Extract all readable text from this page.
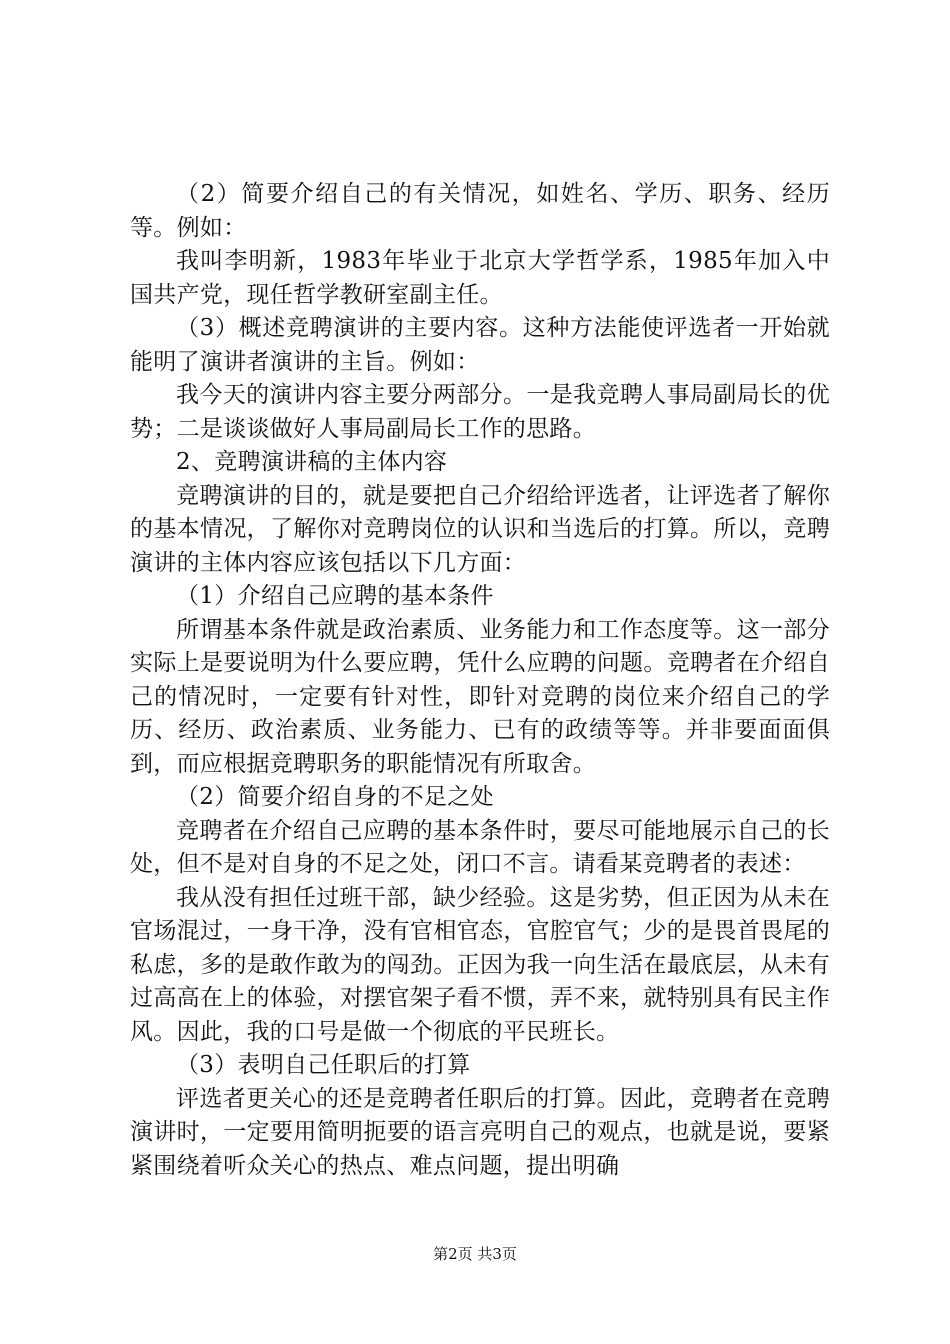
（2）简要介绍自己的有关情况，如姓名、学历、职务、经历等。例如：

我叫李明新，1983年毕业于北京大学哲学系，1985年加入中国共产党，现任哲学教研室副主任。

（3）概述竞聘演讲的主要内容。这种方法能使评选者一开始就能明了演讲者演讲的主旨。例如：

我今天的演讲内容主要分两部分。一是我竞聘人事局副局长的优势；二是谈谈做好人事局副局长工作的思路。

2、竞聘演讲稿的主体内容

竞聘演讲的目的，就是要把自己介绍给评选者，让评选者了解你的基本情况，了解你对竞聘岗位的认识和当选后的打算。所以，竞聘演讲的主体内容应该包括以下几方面：

（1）介绍自己应聘的基本条件

所谓基本条件就是政治素质、业务能力和工作态度等。这一部分实际上是要说明为什么要应聘，凭什么应聘的问题。竞聘者在介绍自己的情况时，一定要有针对性，即针对竞聘的岗位来介绍自己的学历、经历、政治素质、业务能力、已有的政绩等等。并非要面面俱到，而应根据竞聘职务的职能情况有所取舍。

（2）简要介绍自身的不足之处

竞聘者在介绍自己应聘的基本条件时，要尽可能地展示自己的长处，但不是对自身的不足之处，闭口不言。请看某竞聘者的表述：

我从没有担任过班干部，缺少经验。这是劣势，但正因为从未在官场混过，一身干净，没有官相官态，官腔官气；少的是畏首畏尾的私虑，多的是敢作敢为的闯劲。正因为我一向生活在最底层，从未有过高高在上的体验，对摆官架子看不惯，弄不来，就特别具有民主作风。因此，我的口号是做一个彻底的平民班长。

（3）表明自己任职后的打算

评选者更关心的还是竞聘者任职后的打算。因此，竞聘者在竞聘演讲时，一定要用简明扼要的语言亮明自己的观点，也就是说，要紧紧围绕着听众关心的热点、难点问题，提出明确

第2页 共3页
